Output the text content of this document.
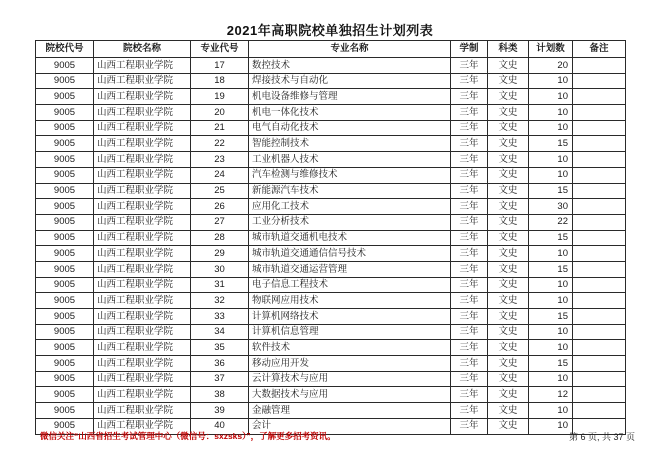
2021年高职院校单独招生计划列表
院校代号	院校名称	专业代号	专业名称	学制	科类	计划数	备注
9005	山西工程职业学院	17	数控技术	三年	文史	20	
9005	山西工程职业学院	18	焊接技术与自动化	三年	文史	10	
9005	山西工程职业学院	19	机电设备维修与管理	三年	文史	10	
9005	山西工程职业学院	20	机电一体化技术	三年	文史	10	
9005	山西工程职业学院	21	电气自动化技术	三年	文史	10	
9005	山西工程职业学院	22	智能控制技术	三年	文史	15	
9005	山西工程职业学院	23	工业机器人技术	三年	文史	10	
9005	山西工程职业学院	24	汽车检测与维修技术	三年	文史	10	
9005	山西工程职业学院	25	新能源汽车技术	三年	文史	15	
9005	山西工程职业学院	26	应用化工技术	三年	文史	30	
9005	山西工程职业学院	27	工业分析技术	三年	文史	22	
9005	山西工程职业学院	28	城市轨道交通机电技术	三年	文史	15	
9005	山西工程职业学院	29	城市轨道交通通信信号技术	三年	文史	10	
9005	山西工程职业学院	30	城市轨道交通运营管理	三年	文史	15	
9005	山西工程职业学院	31	电子信息工程技术	三年	文史	10	
9005	山西工程职业学院	32	物联网应用技术	三年	文史	10	
9005	山西工程职业学院	33	计算机网络技术	三年	文史	15	
9005	山西工程职业学院	34	计算机信息管理	三年	文史	10	
9005	山西工程职业学院	35	软件技术	三年	文史	10	
9005	山西工程职业学院	36	移动应用开发	三年	文史	15	
9005	山西工程职业学院	37	云计算技术与应用	三年	文史	10	
9005	山西工程职业学院	38	大数据技术与应用	三年	文史	12	
9005	山西工程职业学院	39	金融管理	三年	文史	10	
9005	山西工程职业学院	40	会计	三年	文史	10	
微信关注“山西省招生考试管理中心（微信号：sxzsks）”，了解更多招考资讯。	第 6 页, 共 37 页
